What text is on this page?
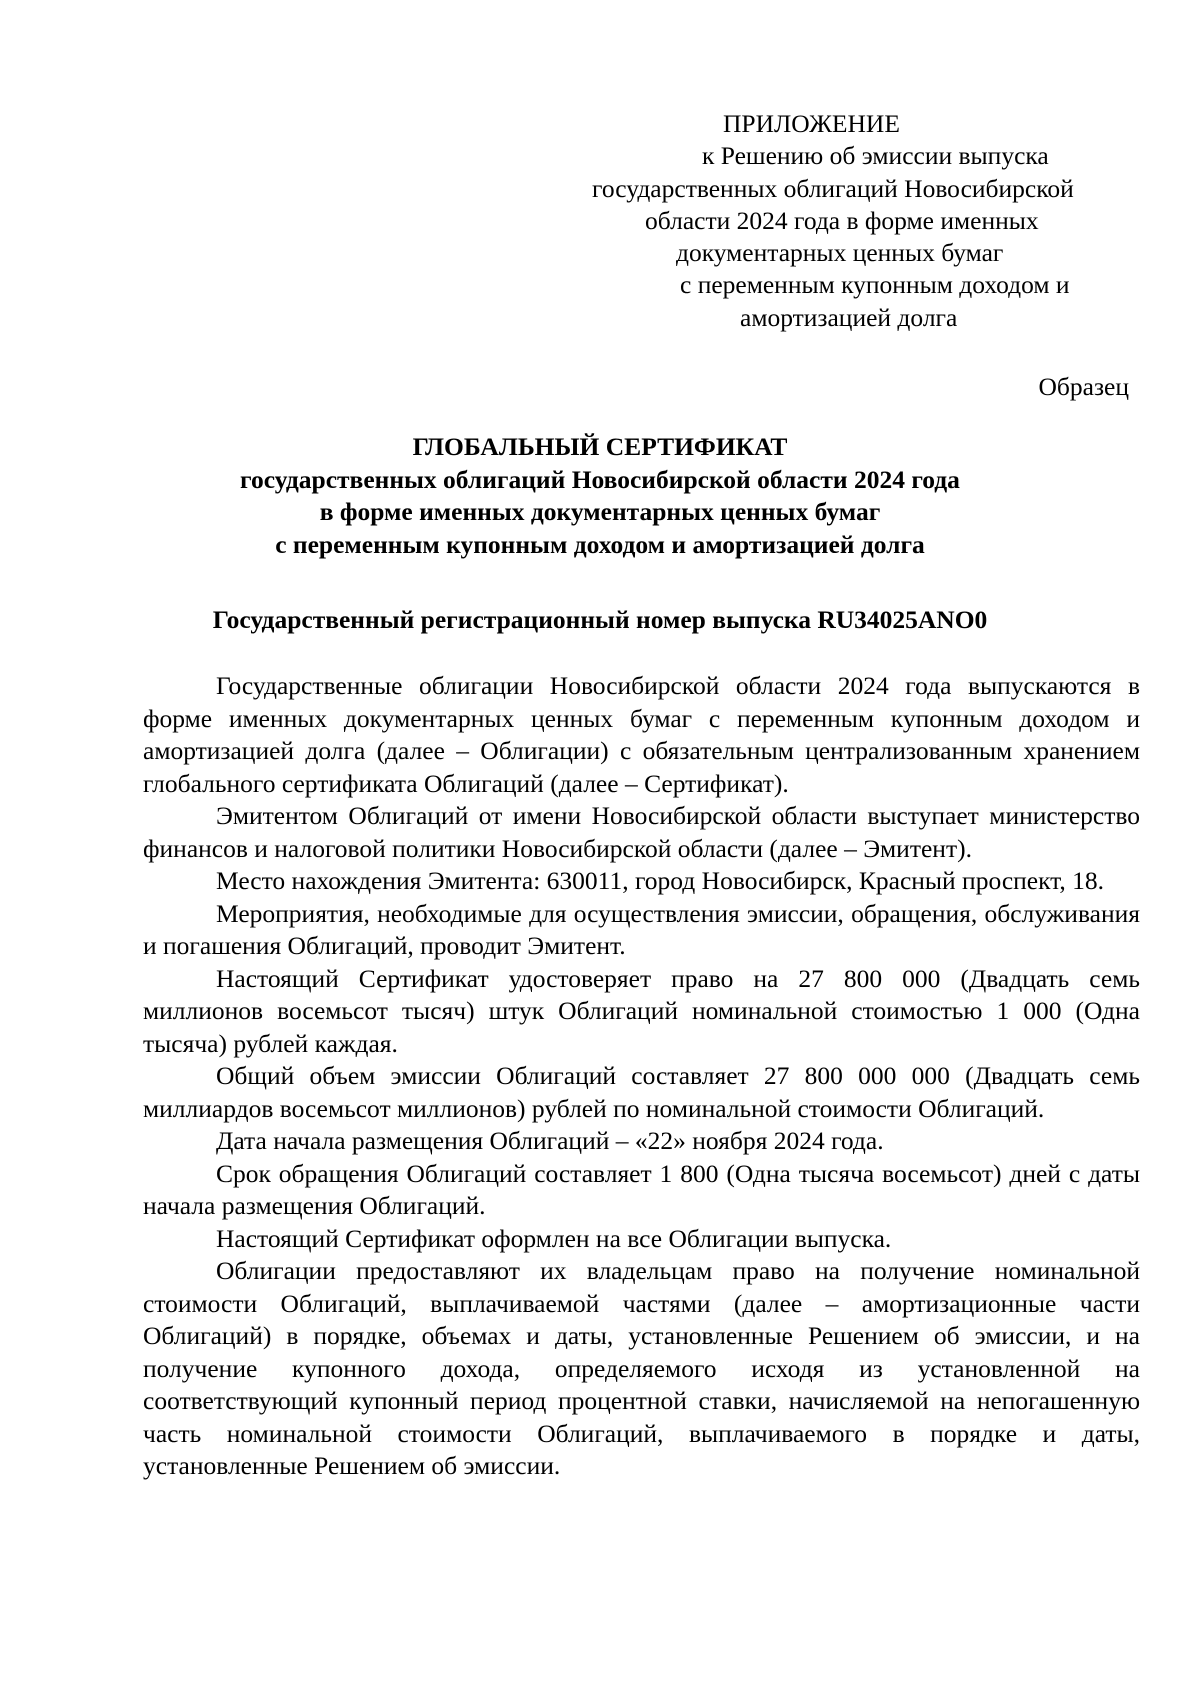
ПРИЛОЖЕНИЕ
к Решению об эмиссии выпуска
государственных облигаций Новосибирской
области 2024 года в форме именных
документарных ценных бумаг
с переменным купонным доходом и
амортизацией долга
Образец
ГЛОБАЛЬНЫЙ СЕРТИФИКАТ
государственных облигаций Новосибирской области 2024 года
в форме именных документарных ценных бумаг
с переменным купонным доходом и амортизацией долга
Государственный регистрационный номер выпуска RU34025ANO0

Государственные облигации Новосибирской области 2024 года выпускаются в форме именных документарных ценных бумаг с переменным купонным доходом и амортизацией долга (далее – Облигации) с обязательным централизованным хранением глобального сертификата Облигаций (далее – Сертификат).

Эмитентом Облигаций от имени Новосибирской области выступает министерство финансов и налоговой политики Новосибирской области (далее – Эмитент).

Место нахождения Эмитента: 630011, город Новосибирск, Красный проспект, 18.

Мероприятия, необходимые для осуществления эмиссии, обращения, обслуживания и погашения Облигаций, проводит Эмитент.

Настоящий Сертификат удостоверяет право на 27 800 000 (Двадцать семь миллионов восемьсот тысяч) штук Облигаций номинальной стоимостью 1 000 (Одна тысяча) рублей каждая.

Общий объем эмиссии Облигаций составляет 27 800 000 000 (Двадцать семь миллиардов восемьсот миллионов) рублей по номинальной стоимости Облигаций.

Дата начала размещения Облигаций – «22» ноября 2024 года.

Срок обращения Облигаций составляет 1 800 (Одна тысяча восемьсот) дней с даты начала размещения Облигаций.

Настоящий Сертификат оформлен на все Облигации выпуска.

Облигации предоставляют их владельцам право на получение номинальной стоимости Облигаций, выплачиваемой частями (далее – амортизационные части Облигаций) в порядке, объемах и даты, установленные Решением об эмиссии, и на получение купонного дохода, определяемого исходя из установленной на соответствующий купонный период процентной ставки, начисляемой на непогашенную часть номинальной стоимости Облигаций, выплачиваемого в порядке и даты, установленные Решением об эмиссии.
